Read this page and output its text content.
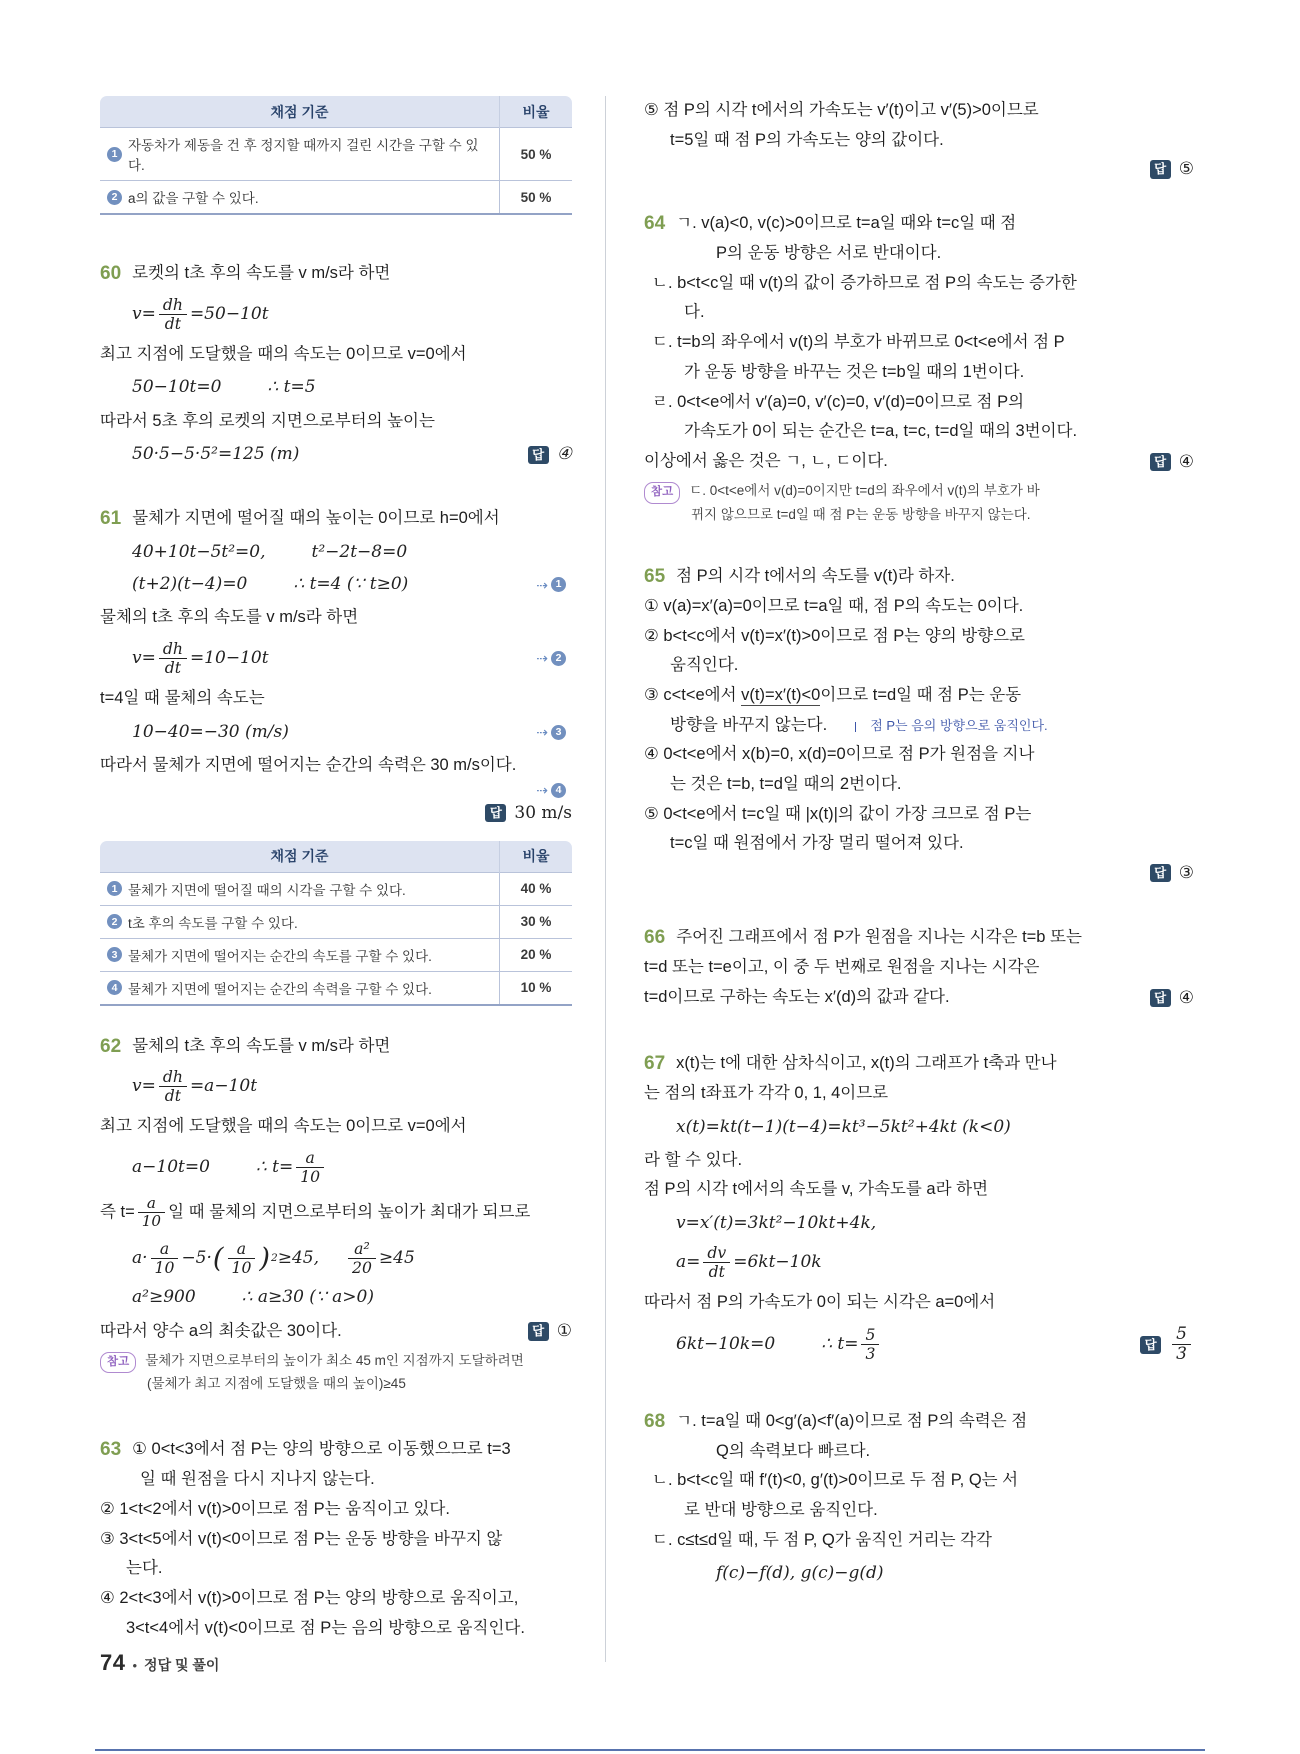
채점 기준	비율

1
자동차가 제동을 건 후 정지할 때까지 걸린 시간을 구할 수 있다.	50 %

2 a의 값을 구할 수 있다.	50 %
60 로켓의 t초 후의 속도를 v m/s라 하면
$v= \frac{dh}{dt} =50-10t$
최고 지점에 도달했을 때의 속도는 0이므로 v=0에서
50−10t=0	∴ t=5
따라서 5초 후의 로켓의 지면으로부터의 높이는
50·5−5·5²=125 (m)	답 ④
61 물체가 지면에 떨어질 때의 높이는 0이므로 h=0에서
40+10t−5t²=0,	t²−2t−8=0
(t+2)(t−4)=0	∴ t=4 (∵ t≥0)	⇢ 1
물체의 t초 후의 속도를 v m/s라 하면
$v= \frac{dh}{dt} =10-10t$	⇢ 2
t=4일 때 물체의 속도는
10−40=−30 (m/s)	⇢ 3
따라서 물체가 지면에 떨어지는 순간의 속력은 30 m/s이다.
⇢ 4
답 30 m/s
채점 기준	비율

1 물체가 지면에 떨어질 때의 시각을 구할 수 있다.	40 %

2 t초 후의 속도를 구할 수 있다.	30 %

3 물체가 지면에 떨어지는 순간의 속도를 구할 수 있다.	20 %

4 물체가 지면에 떨어지는 순간의 속력을 구할 수 있다.	10 %
62 물체의 t초 후의 속도를 v m/s라 하면
$v= \frac{dh}{dt} =a-10t$
최고 지점에 도달했을 때의 속도는 0이므로 v=0에서
a−10t=0	∴ $t= \frac{a}{10}$
즉 $t= \frac{a}{10}$ 일 때 물체의 지면으로부터의 높이가 최대가 되므로
$a\cdot \frac{a}{10} -5\cdot$ ( $\frac{a}{10}$ ) 2 ≥45, $\frac{\text{a²}}{20} \ge 45$
a²≥900	∴ a≥30 (∵ a>0)
따라서 양수 a의 최솟값은 30이다.	답 ①
참고	물체가 지면으로부터의 높이가 최소 45 m인 지점까지 도달하려면
(물체가 최고 지점에 도달했을 때의 높이)≥45
63 ① 0<t<3에서 점 P는 양의 방향으로 이동했으므로 t=3
일 때 원점을 다시 지나지 않는다.
② 1<t<2에서 v(t)>0이므로 점 P는 움직이고 있다.
③ 3<t<5에서 v(t)<0이므로 점 P는 운동 방향을 바꾸지 않
는다.
④ 2<t<3에서 v(t)>0이므로 점 P는 양의 방향으로 움직이고,
3<t<4에서 v(t)<0이므로 점 P는 음의 방향으로 움직인다.
⑤ 점 P의 시각 t에서의 가속도는 v′(t)이고 v′(5)>0이므로
t=5일 때 점 P의 가속도는 양의 값이다.
답 ⑤
64 ㄱ. v(a)<0, v(c)>0이므로 t=a일 때와 t=c일 때 점
P의 운동 방향은 서로 반대이다.
ㄴ. b<t<c일 때 v(t)의 값이 증가하므로 점 P의 속도는 증가한
다.
ㄷ. t=b의 좌우에서 v(t)의 부호가 바뀌므로 0<t<e에서 점 P
가 운동 방향을 바꾸는 것은 t=b일 때의 1번이다.
ㄹ. 0<t<e에서 v′(a)=0, v′(c)=0, v′(d)=0이므로 점 P의
가속도가 0이 되는 순간은 t=a, t=c, t=d일 때의 3번이다.
이상에서 옳은 것은 ㄱ, ㄴ, ㄷ이다.	답 ④
참고	ㄷ. 0<t<e에서 v(d)=0이지만 t=d의 좌우에서 v(t)의 부호가 바
뀌지 않으므로 t=d일 때 점 P는 운동 방향을 바꾸지 않는다.
65 점 P의 시각 t에서의 속도를 v(t)라 하자.
① v(a)=x′(a)=0이므로 t=a일 때, 점 P의 속도는 0이다.
② b<t<c에서 v(t)=x′(t)>0이므로 점 P는 양의 방향으로
움직인다.
③ c<t<e에서 v(t)=x′(t)<0이므로 t=d일 때 점 P는 운동
방향을 바꾸지 않는다.	점 P는 음의 방향으로 움직인다.
④ 0<t<e에서 x(b)=0, x(d)=0이므로 점 P가 원점을 지나
는 것은 t=b, t=d일 때의 2번이다.
⑤ 0<t<e에서 t=c일 때 |x(t)|의 값이 가장 크므로 점 P는
t=c일 때 원점에서 가장 멀리 떨어져 있다.
답 ③
66 주어진 그래프에서 점 P가 원점을 지나는 시각은 t=b 또는
t=d 또는 t=e이고, 이 중 두 번째로 원점을 지나는 시각은
t=d이므로 구하는 속도는 x′(d)의 값과 같다.	답 ④
67 x(t)는 t에 대한 삼차식이고, x(t)의 그래프가 t축과 만나
는 점의 t좌표가 각각 0, 1, 4이므로
x(t)=kt(t−1)(t−4)=kt³−5kt²+4kt (k<0)
라 할 수 있다.
점 P의 시각 t에서의 속도를 v, 가속도를 a라 하면
v=x′(t)=3kt²−10kt+4k,
$a= \frac{dv}{dt} =6kt-10k$
따라서 점 P의 가속도가 0이 되는 시각은 a=0에서
6kt−10k=0	∴ $t= \frac{5}{3}$	답 $\frac{5}{3}$
68 ㄱ. t=a일 때 0<g′(a)<f′(a)이므로 점 P의 속력은 점
Q의 속력보다 빠르다.
ㄴ. b<t<c일 때 f′(t)<0, g′(t)>0이므로 두 점 P, Q는 서
로 반대 방향으로 움직인다.
ㄷ. c≤t≤d일 때, 두 점 P, Q가 움직인 거리는 각각
f(c)−f(d), g(c)−g(d)
74 • 정답 및 풀이
